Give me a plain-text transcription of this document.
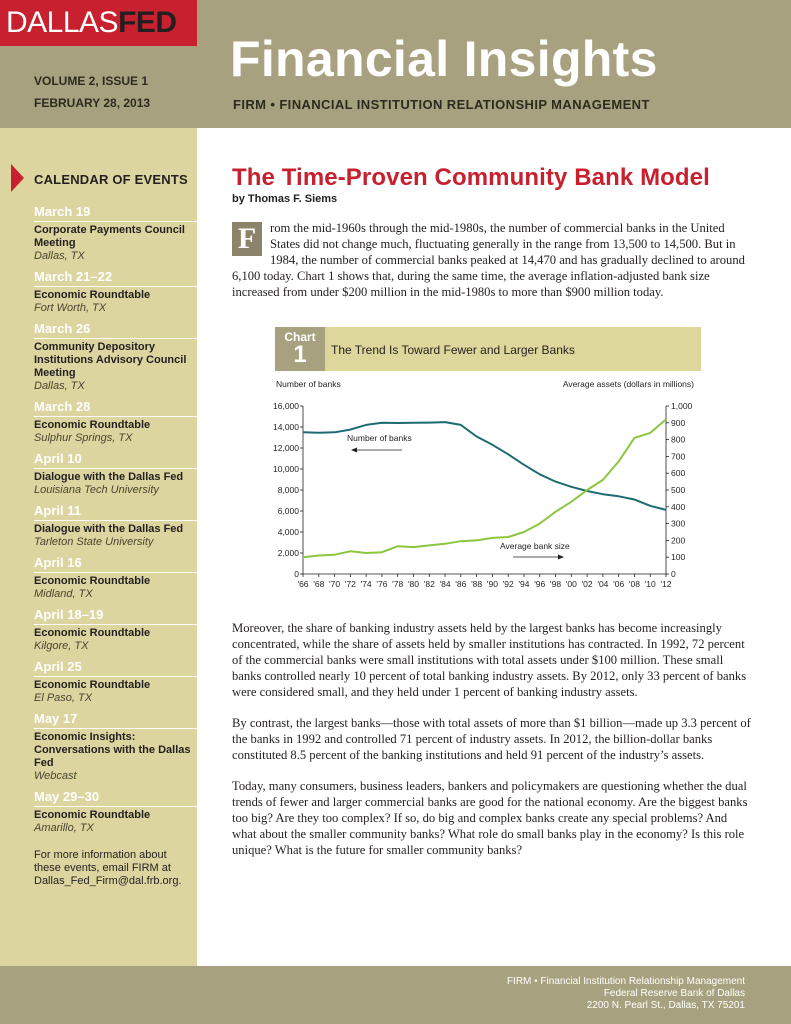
DALLAS FED
VOLUME 2, ISSUE 1
FEBRUARY 28, 2013
Financial Insights
FIRM • FINANCIAL INSTITUTION RELATIONSHIP MANAGEMENT
CALENDAR OF EVENTS
March 19
Corporate Payments Council Meeting
Dallas, TX
March 21–22
Economic Roundtable
Fort Worth, TX
March 26
Community Depository Institutions Advisory Council Meeting
Dallas, TX
March 28
Economic Roundtable
Sulphur Springs, TX
April 10
Dialogue with the Dallas Fed
Louisiana Tech University
April 11
Dialogue with the Dallas Fed
Tarleton State University
April 16
Economic Roundtable
Midland, TX
April 18–19
Economic Roundtable
Kilgore, TX
April 25
Economic Roundtable
El Paso, TX
May 17
Economic Insights: Conversations with the Dallas Fed
Webcast
May 29–30
Economic Roundtable
Amarillo, TX
For more information about these events, email FIRM at Dallas_Fed_Firm@dal.frb.org.
The Time-Proven Community Bank Model
by Thomas F. Siems

F	rom the mid-1960s through the mid-1980s, the number of commercial banks in the United States did not change much, fluctuating generally in the range from 13,500 to 14,500. But in 1984, the number of commercial banks peaked at 14,470 and has gradually declined to around 6,100 today. Chart 1 shows that, during the same time, the average inflation-adjusted bank size increased from under $200 million in the mid-1980s to more than $900 million today.

Chart
1	The Trend Is Toward Fewer and Larger Banks
Number of banks	Average assets (dollars in millions)
0
2,000
4,000
6,000
8,000
10,000
12,000
14,000
16,000
0
100
200
300
400
500
600
700
800
900
1,000
'66 '68 '70 '72 '74 '76 '78 '80 '82 '84 '86 '88 '90 '92 '94 '96 '98 '00 '02 '04 '06 '08 '10 '12
Number of banks
Average bank size

Moreover, the share of banking industry assets held by the largest banks has become increasingly concentrated, while the share of assets held by smaller institutions has contracted. In 1992, 72 percent of the commercial banks were small institutions with total assets under $100 million. These small banks controlled nearly 10 percent of total banking industry assets. By 2012, only 33 percent of banks were considered small, and they held under 1 percent of banking industry assets.

By contrast, the largest banks—those with total assets of more than $1 billion—made up 3.3 percent of the banks in 1992 and controlled 71 percent of industry assets. In 2012, the billion-dollar banks constituted 8.5 percent of the banking institutions and held 91 percent of the industry’s assets.

Today, many consumers, business leaders, bankers and policymakers are questioning whether the dual trends of fewer and larger commercial banks are good for the national economy. Are the biggest banks too big? Are they too complex? If so, do big and complex banks create any special problems? And what about the smaller community banks? What role do small banks play in the economy? Is this role unique? What is the future for smaller community banks?

FIRM • Financial Institution Relationship Management
Federal Reserve Bank of Dallas
2200 N. Pearl St., Dallas, TX 75201
